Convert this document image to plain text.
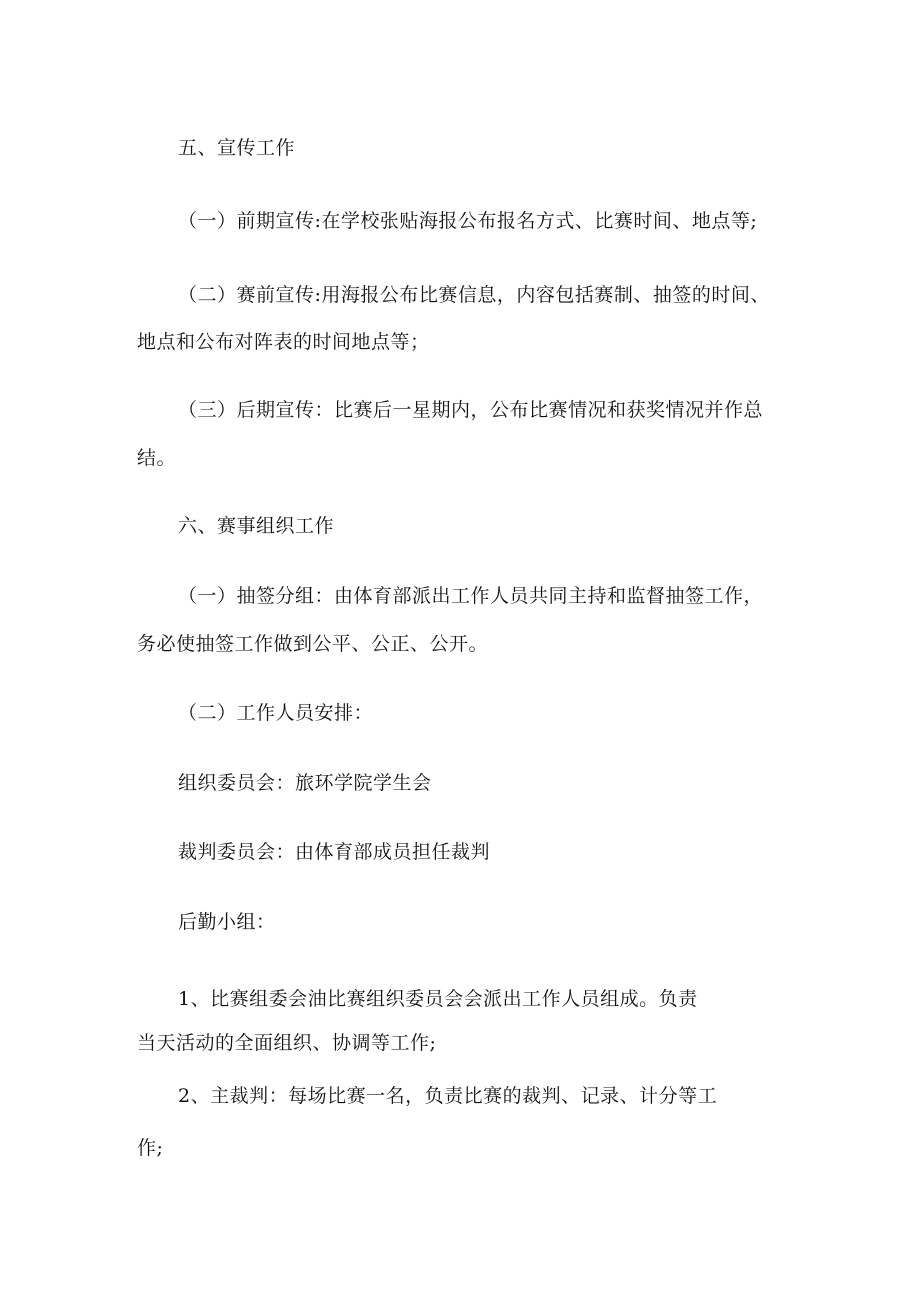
五、宣传工作
（一）前期宣传:在学校张贴海报公布报名方式、比赛时间、地点等;
（二）赛前宣传:用海报公布比赛信息，内容包括赛制、抽签的时间、
地点和公布对阵表的时间地点等；
（三）后期宣传：比赛后一星期内，公布比赛情况和获奖情况并作总
结。
六、赛事组织工作
（一）抽签分组：由体育部派出工作人员共同主持和监督抽签工作，
务必使抽签工作做到公平、公正、公开。
（二）工作人员安排：
组织委员会：旅环学院学生会
裁判委员会：由体育部成员担任裁判
后勤小组：
1、比赛组委会油比赛组织委员会会派出工作人员组成。负责
当天活动的全面组织、协调等工作;
2、主裁判：每场比赛一名，负责比赛的裁判、记录、计分等工
作;
